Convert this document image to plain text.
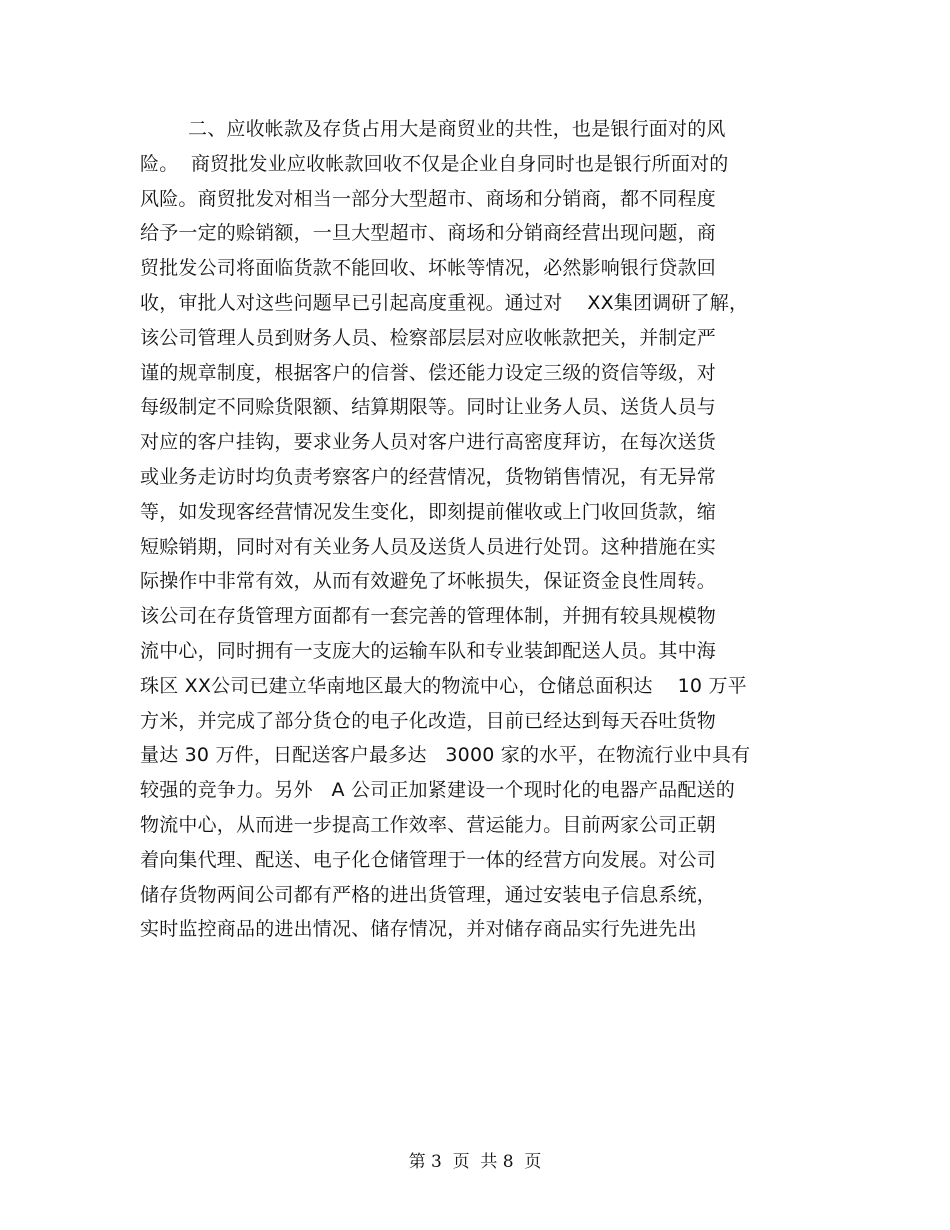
二、应收帐款及存货占用大是商贸业的共性，也是银行面对的风
险。  商贸批发业应收帐款回收不仅是企业自身同时也是银行所面对的
风险。商贸批发对相当一部分大型超市、商场和分销商，都不同程度
给予一定的赊销额，一旦大型超市、商场和分销商经营出现问题，商
贸批发公司将面临货款不能回收、坏帐等情况，必然影响银行贷款回
收，审批人对这些问题早已引起高度重视。通过对    XX集团调研了解，
该公司管理人员到财务人员、检察部层层对应收帐款把关，并制定严
谨的规章制度，根据客户的信誉、偿还能力设定三级的资信等级，对
每级制定不同赊货限额、结算期限等。同时让业务人员、送货人员与
对应的客户挂钩，要求业务人员对客户进行高密度拜访，在每次送货
或业务走访时均负责考察客户的经营情况，货物销售情况，有无异常
等，如发现客经营情况发生变化，即刻提前催收或上门收回货款，缩
短赊销期，同时对有关业务人员及送货人员进行处罚。这种措施在实
际操作中非常有效，从而有效避免了坏帐损失，保证资金良性周转。
该公司在存货管理方面都有一套完善的管理体制，并拥有较具规模物
流中心，同时拥有一支庞大的运输车队和专业装卸配送人员。其中海
珠区 XX公司已建立华南地区最大的物流中心，仓储总面积达    10 万平
方米，并完成了部分货仓的电子化改造，目前已经达到每天吞吐货物
量达 30 万件，日配送客户最多达   3000 家的水平，在物流行业中具有
较强的竞争力。另外   A 公司正加紧建设一个现时化的电器产品配送的
物流中心，从而进一步提高工作效率、营运能力。目前两家公司正朝
着向集代理、配送、电子化仓储管理于一体的经营方向发展。对公司
储存货物两间公司都有严格的进出货管理，通过安装电子信息系统，
实时监控商品的进出情况、储存情况，并对储存商品实行先进先出
第 3  页  共 8  页
